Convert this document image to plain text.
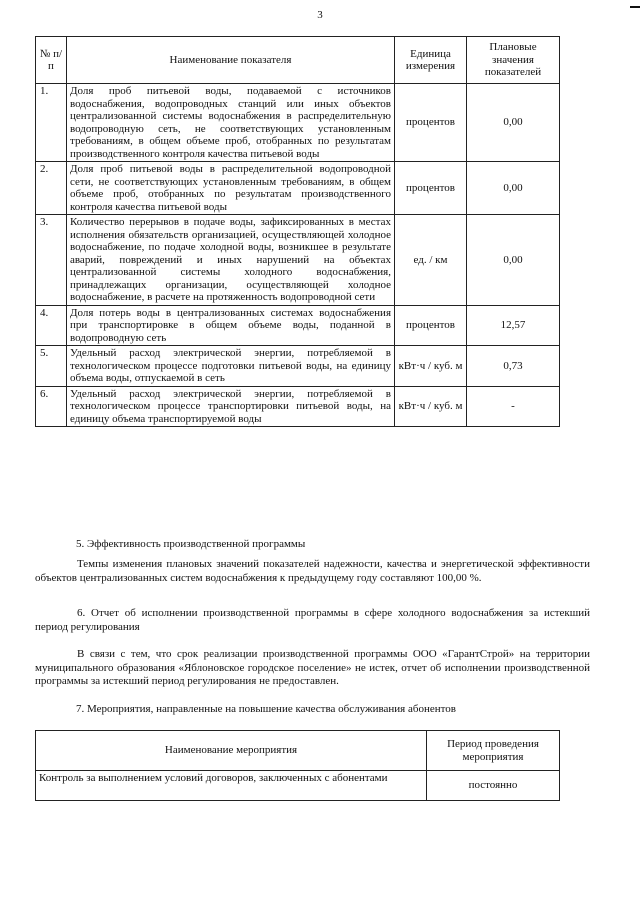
3
№ п/п	Наименование показателя	Единица измерения	Плановые значения показателей
1.	Доля проб питьевой воды, подаваемой с источников водоснабжения, водопроводных станций или иных объектов централизованной системы водоснабжения в распределительную водопроводную сеть, не соответствующих установленным требованиям, в общем объеме проб, отобранных по результатам производственного контроля качества питьевой воды	процентов	0,00
2.	Доля проб питьевой воды в распределительной водопроводной сети, не соответствующих установленным требованиям, в общем объеме проб, отобранных по результатам производственного контроля качества питьевой воды	процентов	0,00
3.	Количество перерывов в подаче воды, зафиксированных в местах исполнения обязательств организацией, осуществляющей холодное водоснабжение, по подаче холодной воды, возникшее в результате аварий, повреждений и иных нарушений на объектах централизованной системы холодного водоснабжения, принадлежащих организации, осуществляющей холодное водоснабжение, в расчете на протяженность водопроводной сети	ед. / км	0,00
4.	Доля потерь воды в централизованных системах водоснабжения при транспортировке в общем объеме воды, поданной в водопроводную сеть	процентов	12,57
5.	Удельный расход электрической энергии, потребляемой в технологическом процессе подготовки питьевой воды, на единицу объема воды, отпускаемой в сеть	кВт·ч / куб. м	0,73
6.	Удельный расход электрической энергии, потребляемой в технологическом процессе транспортировки питьевой воды, на единицу объема транспортируемой воды	кВт·ч / куб. м	-
5. Эффективность производственной программы
Темпы изменения плановых значений показателей надежности, качества и энергетической эффективности объектов централизованных систем водоснабжения к предыдущему году составляют 100,00 %.
6. Отчет об исполнении производственной программы в сфере холодного водоснабжения за истекший период регулирования
В связи с тем, что срок реализации производственной программы ООО «ГарантСтрой» на территории муниципального образования «Яблоновское городское поселение» не истек, отчет об исполнении производственной программы за истекший период регулирования не предоставлен.
7. Мероприятия, направленные на повышение качества обслуживания абонентов
Наименование мероприятия	Период проведения мероприятия
Контроль за выполнением условий договоров, заключенных с абонентами	постоянно
